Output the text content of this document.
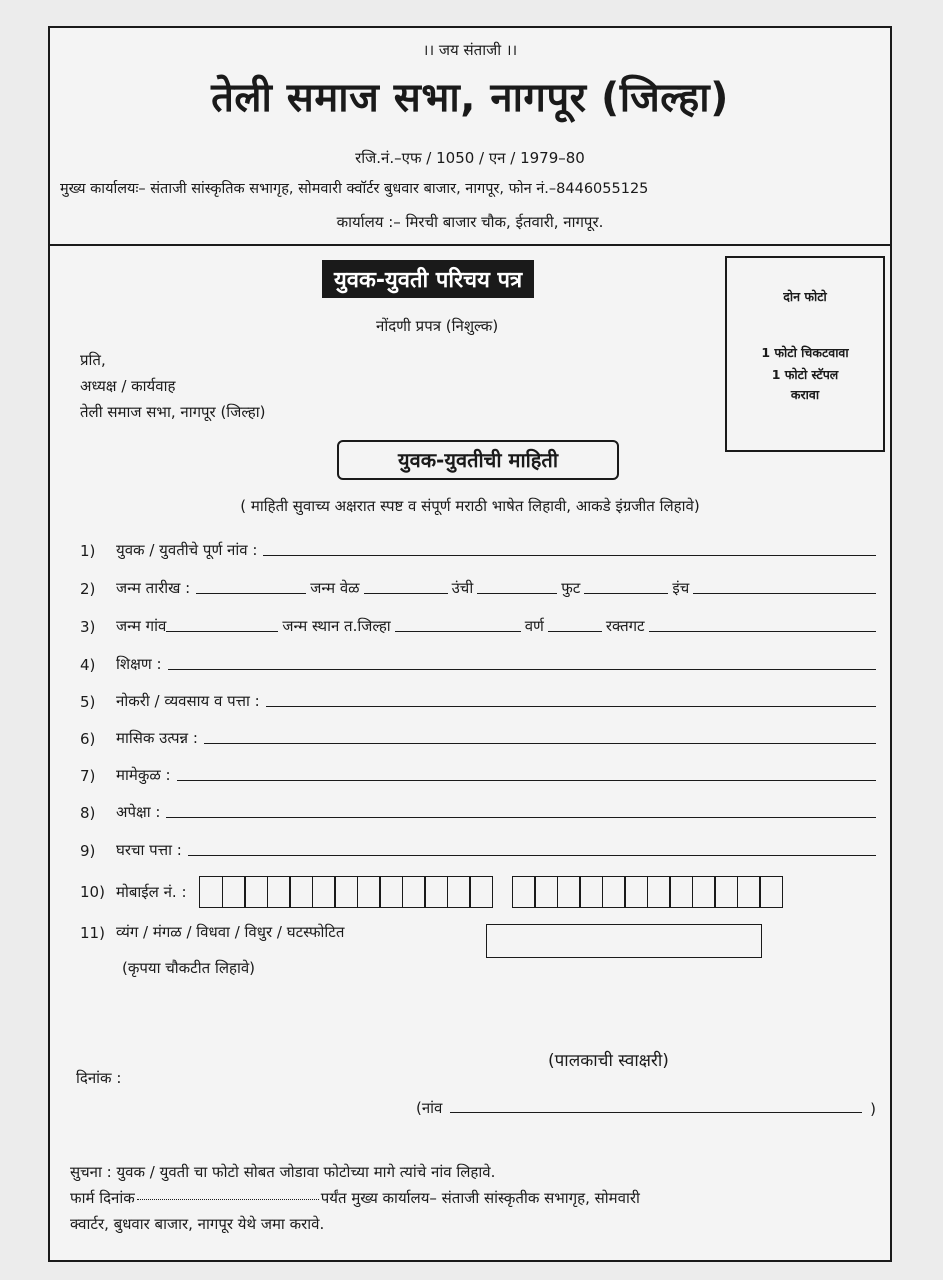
।। जय संताजी ।।
तेली समाज सभा, नागपूर (जिल्हा)
रजि.नं.–एफ / 1050 / एन / 1979–80
मुख्य कार्यालयः– संताजी सांस्कृतिक सभागृह, सोमवारी क्वॉर्टर बुधवार बाजार, नागपूर, फोन नं.–8446055125
कार्यालय :– मिरची बाजार चौक, ईतवारी, नागपूर.
युवक-युवती परिचय पत्र
नोंदणी प्रपत्र (निशुल्क)
दोन फोटो
1 फोटो चिकटवावा
1 फोटो स्टॅपल
करावा
प्रति,
अध्यक्ष / कार्यवाह
तेली समाज सभा, नागपूर (जिल्हा)
युवक-युवतीची माहिती
( माहिती सुवाच्य अक्षरात स्पष्ट व संपूर्ण मराठी भाषेत लिहावी, आकडे इंग्रजीत लिहावे)
1)	युवक / युवतीचे पूर्ण नांव :
2)	जन्म तारीख :	जन्म वेळ	उंची	फुट	इंच
3)	जन्म गांव	जन्म स्थान त.जिल्हा	वर्ण	रक्तगट
4)	शिक्षण :
5)	नोकरी / व्यवसाय व पत्ता :
6)	मासिक उत्पन्न :
7)	मामेकुळ :
8)	अपेक्षा :
9)	घरचा पत्ता :
10) मोबाईल नं. :
11) व्यंग / मंगळ / विधवा / विधुर / घटस्फोटित
(कृपया चौकटीत लिहावे)
दिनांक :
(पालकाची स्वाक्षरी)
(नांव	)
सुचना : युवक / युवती चा फोटो सोबत जोडावा फोटोच्या मागे त्यांचे नांव लिहावे.
फार्म दिनांक	पर्यंत मुख्य कार्यालय– संताजी सांस्कृतीक सभागृह, सोमवारी
क्वार्टर, बुधवार बाजार, नागपूर येथे जमा करावे.
